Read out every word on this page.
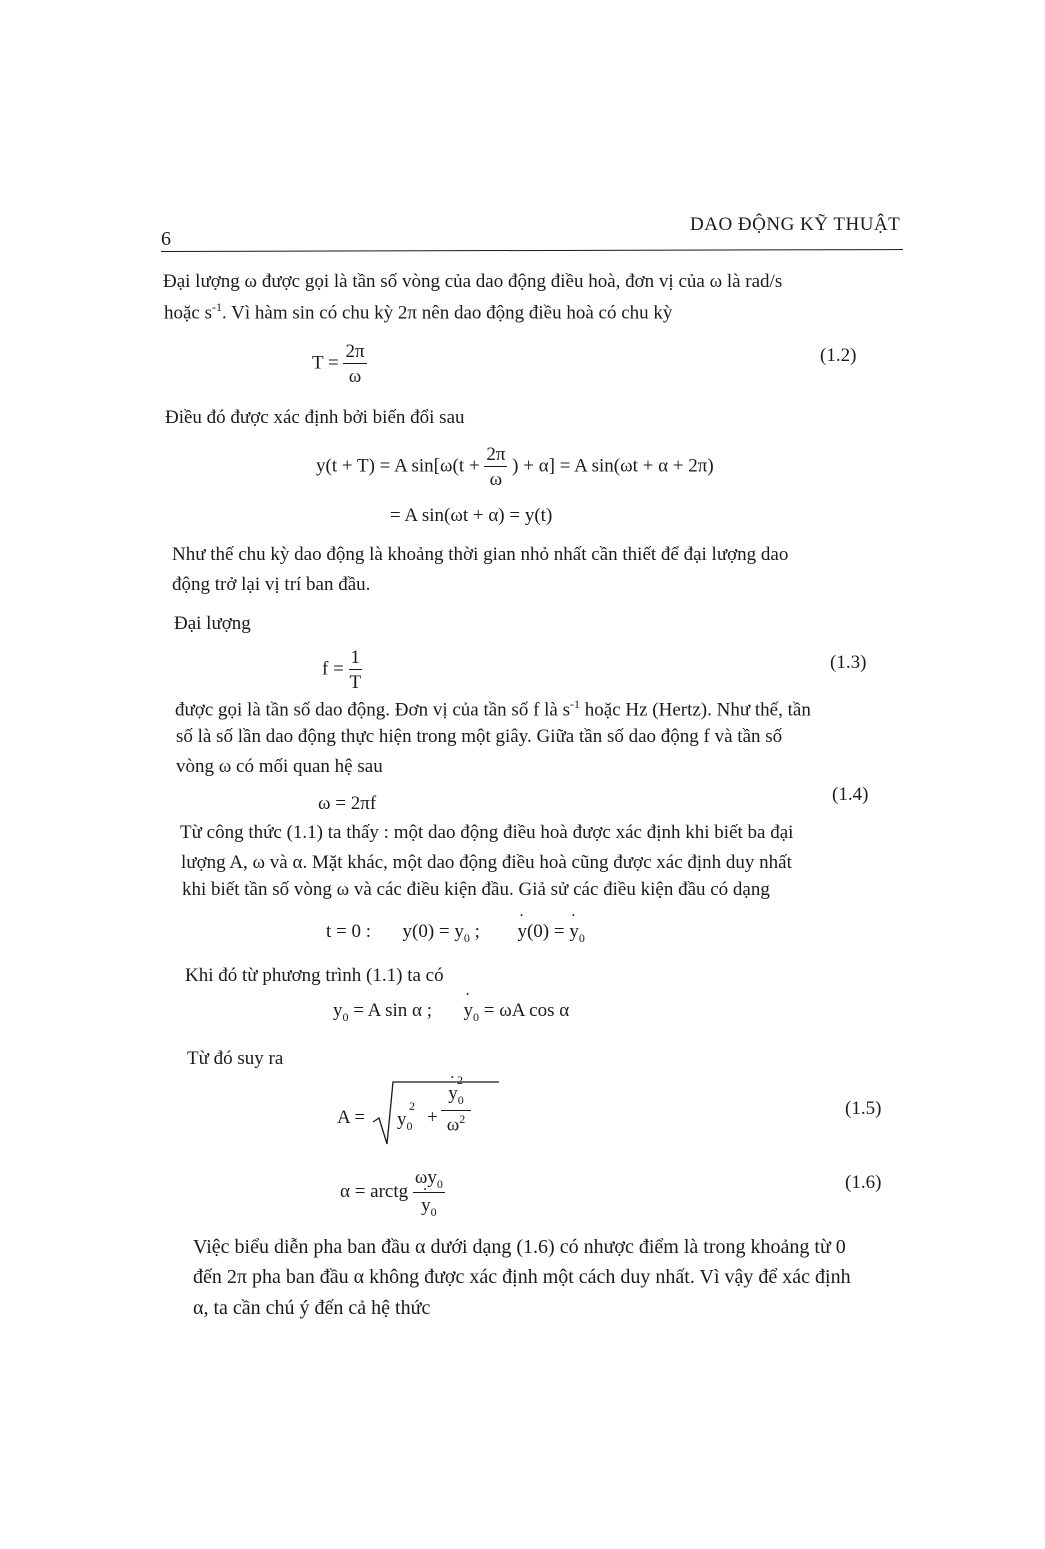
6
DAO ĐỘNG KỸ THUẬT
Đại lượng ω được gọi là tần số vòng của dao động điều hoà, đơn vị của ω là rad/s
hoặc $s^{-1}$. Vì hàm sin có chu kỳ 2π nên dao động điều hoà có chu kỳ
$T = \frac{2\pi}{\omega}$	(1.2)
Điều đó được xác định bởi biến đổi sau
y(t + T) = A $\sin[\omega(t + \frac{2\pi}{\omega}$ ) + α] = A sin(ωt + α + 2π)
= A sin(ωt + α) = y(t)
Như thế chu kỳ dao động là khoảng thời gian nhỏ nhất cần thiết để đại lượng dao
động trở lại vị trí ban đầu.
Đại lượng
$f = \frac{1}{T}$	(1.3)
được gọi là tần số dao động. Đơn vị của tần số f là $s^{-1}$ hoặc Hz (Hertz). Như thế, tần
số là số lần dao động thực hiện trong một giây. Giữa tần số dao động f và tần số
vòng ω có mối quan hệ sau
ω = 2πf	(1.4)
Từ công thức (1.1) ta thấy : một dao động điều hoà được xác định khi biết ba đại
lượng A, ω và α. Mặt khác, một dao động điều hoà cũng được xác định duy nhất
khi biết tần số vòng ω và các điều kiện đầu. Giả sử các điều kiện đầu có dạng
t = 0 : $y(0) = y_0$ ; ˙ y(0) = ˙ $y_0$
Khi đó từ phương trình (1.1) ta có
$y_0 = A$ sin α ; ˙ $y_0 = \omega A$ cos α
Từ đó suy ra
$A = y_0$
2
+
˙ $y_0$
2
$\omega^2$	(1.5)
α = arctg $\omega y_0$
˙ $y_0$	(1.6)
Việc biểu diễn pha ban đầu α dưới dạng (1.6) có nhược điểm là trong khoảng từ 0
đến 2π pha ban đầu α không được xác định một cách duy nhất. Vì vậy để xác định
α, ta cần chú ý đến cả hệ thức
